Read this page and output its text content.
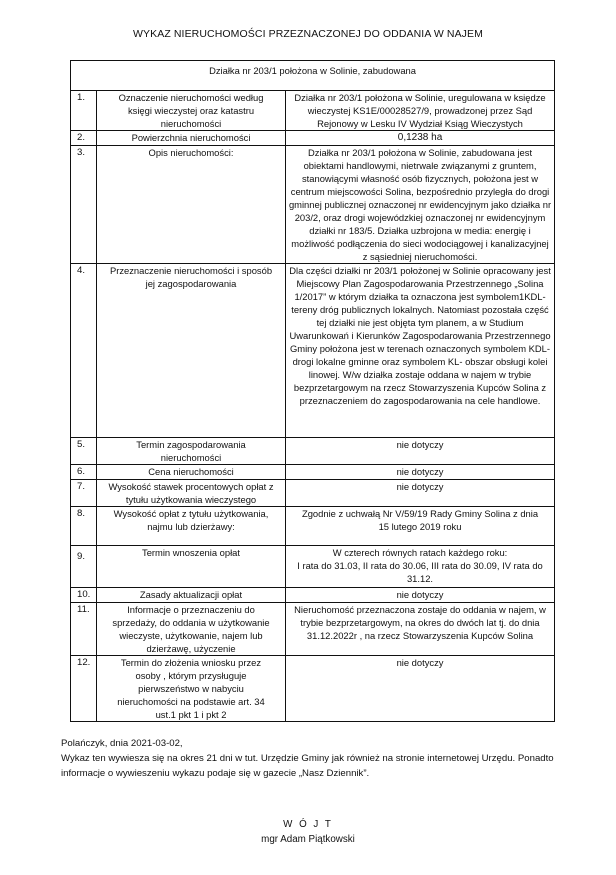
WYKAZ NIERUCHOMOŚCI PRZEZNACZONEJ DO ODDANIA W NAJEM
Działka nr 203/1 położona w Solinie, zabudowana		
1.	Oznaczenie nieruchomości według księgi wieczystej oraz katastru nieruchomości	Działka nr 203/1 położona w Solinie, uregulowana w księdze wieczystej KS1E/00028527/9, prowadzonej przez Sąd Rejonowy w Lesku IV Wydział Ksiąg Wieczystych
2.	Powierzchnia nieruchomości	0,1238 ha
3.	Opis nieruchomości:	Działka nr 203/1 położona w Solinie, zabudowana jest obiektami handlowymi, nietrwale związanymi z gruntem, stanowiącymi własność osób fizycznych, położona jest w centrum miejscowości Solina, bezpośrednio przyległa do drogi gminnej publicznej oznaczonej nr ewidencyjnym jako działka nr 203/2, oraz drogi wojewódzkiej oznaczonej nr ewidencyjnym działki nr 183/5. Działka uzbrojona w media: energię i możliwość podłączenia do sieci wodociągowej i kanalizacyjnej z sąsiedniej nieruchomości.
4.	Przeznaczenie nieruchomości i sposób jej zagospodarowania	Dla części działki nr 203/1 położonej w Solinie opracowany jest Miejscowy Plan Zagospodarowania Przestrzennego „Solina 1/2017” w którym działka ta oznaczona jest symbolem1KDL- tereny dróg publicznych lokalnych. Natomiast pozostała część tej działki nie jest objęta tym planem, a w Studium Uwarunkowań i Kierunków Zagospodarowania Przestrzennego Gminy położona jest w terenach oznaczonych symbolem KDL- drogi lokalne gminne oraz symbolem KL- obszar obsługi kolei linowej. W/w działka zostaje oddana w najem w trybie bezprzetargowym na rzecz Stowarzyszenia Kupców Solina z przeznaczeniem do zagospodarowania na cele handlowe.
5.	Termin zagospodarowania nieruchomości	nie dotyczy
6.	Cena nieruchomości	nie dotyczy
7.	Wysokość stawek procentowych opłat z tytułu użytkowania wieczystego	nie dotyczy
8.	Wysokość opłat z tytułu użytkowania, najmu lub dzierżawy:	Zgodnie z uchwałą Nr V/59/19 Rady Gminy Solina z dnia 15 lutego 2019 roku
9.	Termin wnoszenia opłat	W czterech równych ratach każdego roku:
I rata do 31.03, II rata do 30.06, III rata do 30.09, IV rata do 31.12.

10.	Zasady aktualizacji opłat	nie dotyczy
11.	Informacje o przeznaczeniu do sprzedaży, do oddania w użytkowanie wieczyste, użytkowanie, najem lub dzierżawę, użyczenie	Nieruchomość przeznaczona zostaje do oddania w najem, w trybie bezprzetargowym, na okres do dwóch lat tj. do dnia 31.12.2022r , na rzecz Stowarzyszenia Kupców Solina
12.	Termin do złożenia wniosku przez osoby , którym przysługuje pierwszeństwo w nabyciu nieruchomości na podstawie art. 34 ust.1 pkt 1 i pkt 2	nie dotyczy
Polańczyk, dnia 2021-03-02,
Wykaz ten wywiesza się na okres 21 dni w tut. Urzędzie Gminy jak również na stronie internetowej Urzędu. Ponadto informacje o wywieszeniu wykazu podaje się w gazecie „Nasz Dziennik”.
W Ó J T
mgr Adam Piątkowski
